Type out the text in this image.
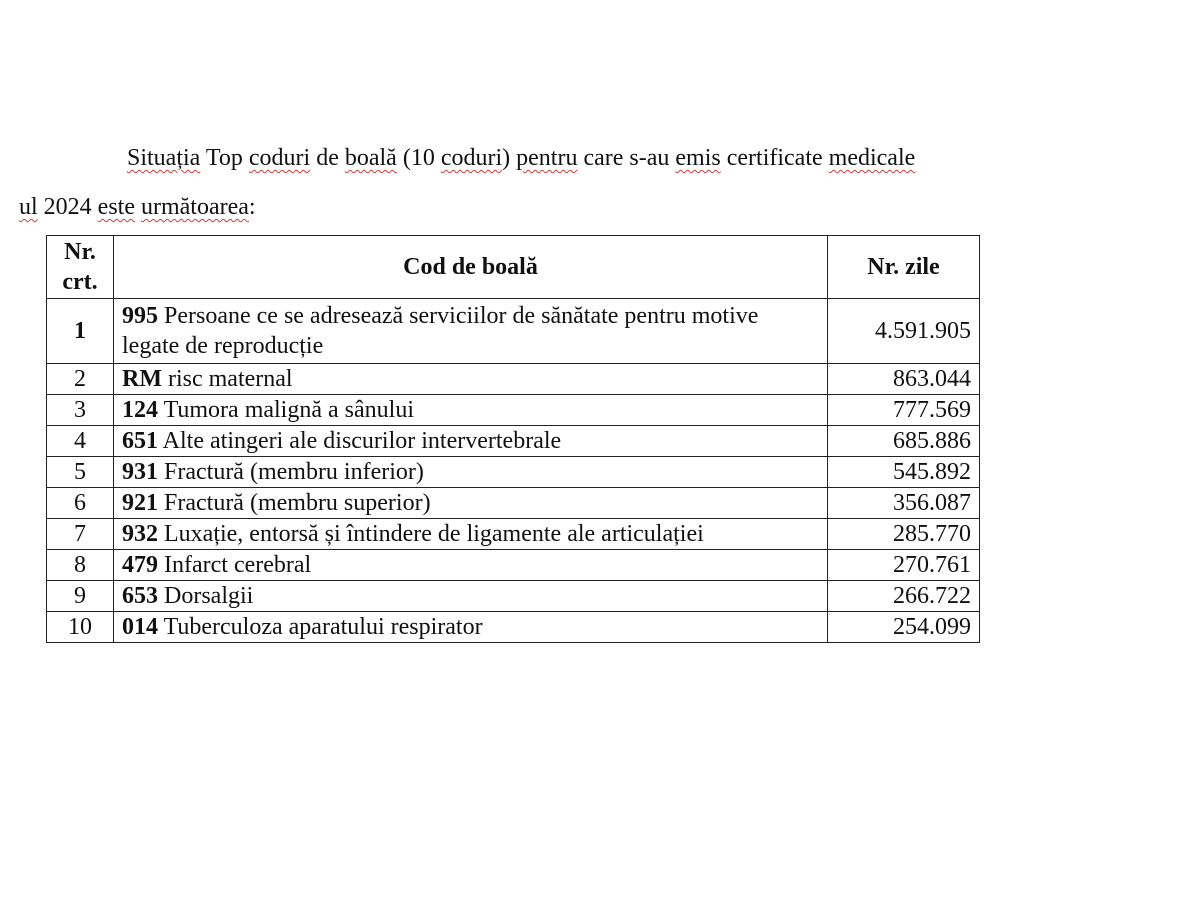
Situația Top coduri de boală (10 coduri) pentru care s-au emis certificate medicale
ul 2024 este următoarea:
Nr.
crt.	Cod de boală	Nr. zile
1	995 Persoane ce se adresează serviciilor de sănătate pentru motive legate de reproducție	4.591.905
2	RM risc maternal	863.044
3	124 Tumora malignă a sânului	777.569
4	651 Alte atingeri ale discurilor intervertebrale	685.886
5	931 Fractură (membru inferior)	545.892
6	921 Fractură (membru superior)	356.087
7	932 Luxație, entorsă și întindere de ligamente ale articulației	285.770
8	479 Infarct cerebral	270.761
9	653 Dorsalgii	266.722
10	014 Tuberculoza aparatului respirator	254.099
